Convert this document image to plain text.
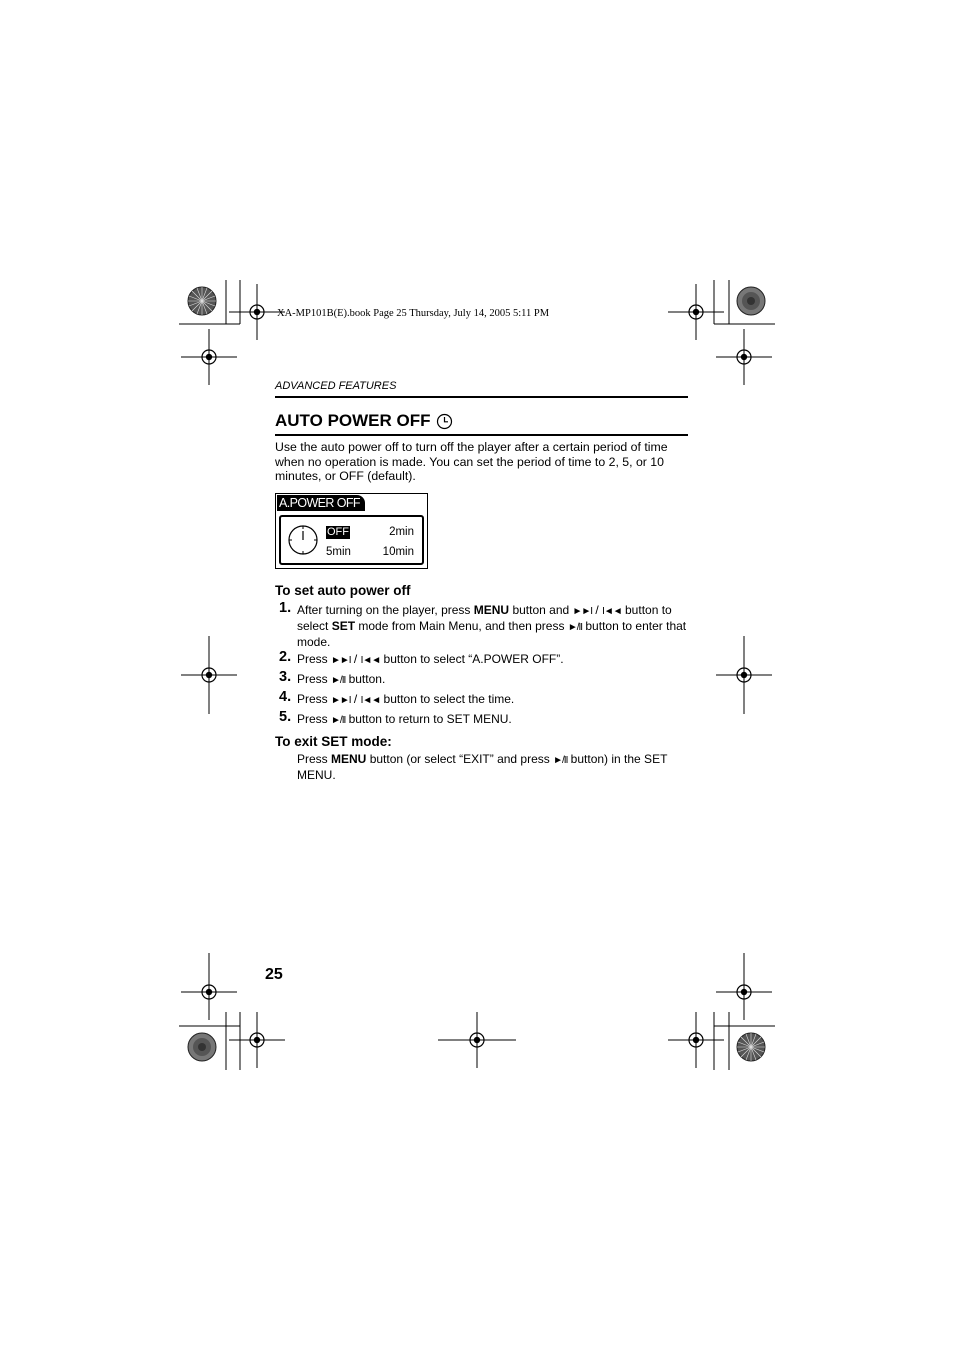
XA-MP101B(E).book Page 25 Thursday, July 14, 2005 5:11 PM
ADVANCED FEATURES
AUTO POWER OFF
Use the auto power off to turn off the player after a certain period of time when no operation is made. You can set the period of time to 2, 5, or 10 minutes, or OFF (default).
A.POWER OFF
OFF	2min
5min	10min
To set auto power off
1. After turning on the player, press MENU button and ►►I / I◄◄ button to select SET mode from Main Menu, and then press ►/II button to enter that mode.
2. Press ►►I / I◄◄ button to select “A.POWER OFF”.
3. Press ►/II button.
4. Press ►►I / I◄◄ button to select the time.
5. Press ►/II button to return to SET MENU.
To exit SET mode:
Press MENU button (or select “EXIT” and press ►/II button) in the SET MENU.
25
